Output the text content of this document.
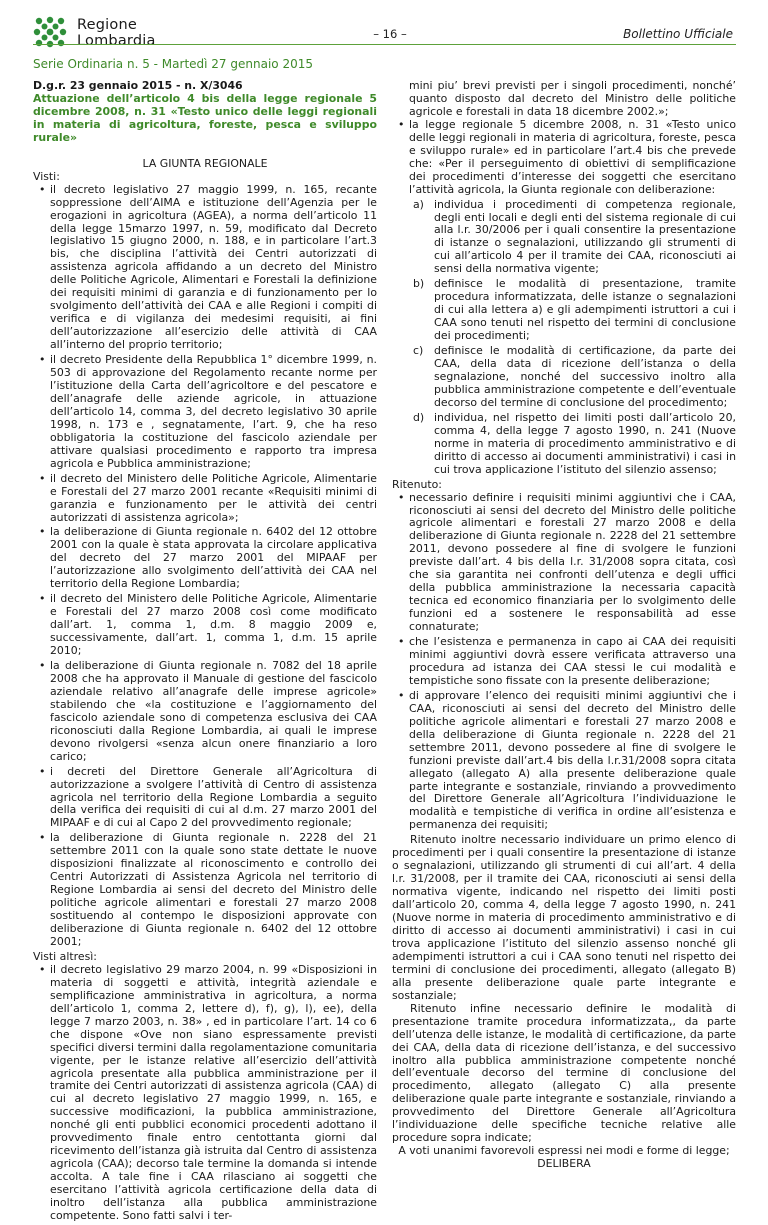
Regione
Lombardia	– 16 –	Bollettino Ufficiale
Serie Ordinaria n. 5 - Martedì 27 gennaio 2015

D.g.r. 23 gennaio 2015 - n. X/3046

Attuazione dell’articolo 4 bis della legge regionale 5 dicembre 2008, n. 31 «Testo unico delle leggi regionali in materia di agricoltura, foreste, pesca e sviluppo rurale»

LA GIUNTA REGIONALE

Visti:

• il decreto legislativo 27 maggio 1999, n. 165, recante soppressione dell’AIMA e istituzione dell’Agenzia per le erogazioni in agricoltura (AGEA), a norma dell’articolo 11 della legge 15marzo 1997, n. 59, modificato dal Decreto legislativo 15 giugno 2000, n. 188, e in particolare l’art.3 bis, che disciplina l’attività dei Centri autorizzati di assistenza agricola affidando a un decreto del Ministro delle Politiche Agricole, Alimentari e Forestali la definizione dei requisiti minimi di garanzia e di funzionamento per lo svolgimento dell’attività dei CAA e alle Regioni i compiti di verifica e di vigilanza dei medesimi requisiti, ai fini dell’autorizzazione all’esercizio delle attività di CAA all’interno del proprio territorio;
• il decreto Presidente della Repubblica 1° dicembre 1999, n. 503 di approvazione del Regolamento recante norme per l’istituzione della Carta dell’agricoltore e del pescatore e dell’anagrafe delle aziende agricole, in attuazione dell’articolo 14, comma 3, del decreto legislativo 30 aprile 1998, n. 173 e , segnatamente, l’art. 9, che ha reso obbligatoria la costituzione del fascicolo aziendale per attivare qualsiasi procedimento e rapporto tra impresa agricola e Pubblica amministrazione;
• il decreto del Ministero delle Politiche Agricole, Alimentarie e Forestali del 27 marzo 2001 recante «Requisiti minimi di garanzia e funzionamento per le attività dei centri autorizzati di assistenza agricola»;
• la deliberazione di Giunta regionale n. 6402 del 12 ottobre 2001 con la quale è stata approvata la circolare applicativa del decreto del 27 marzo 2001 del MIPAAF per l’autorizzazione allo svolgimento dell’attività dei CAA nel territorio della Regione Lombardia;
• il decreto del Ministero delle Politiche Agricole, Alimentarie e Forestali del 27 marzo 2008 così come modificato dall’art. 1, comma 1, d.m. 8 maggio 2009 e, successivamente, dall’art. 1, comma 1, d.m. 15 aprile 2010;
• la deliberazione di Giunta regionale n. 7082 del 18 aprile 2008 che ha approvato il Manuale di gestione del fascicolo aziendale relativo all’anagrafe delle imprese agricole» stabilendo che «la costituzione e l’aggiornamento del fascicolo aziendale sono di competenza esclusiva dei CAA riconosciuti dalla Regione Lombardia, ai quali le imprese devono rivolgersi «senza alcun onere finanziario a loro carico;
• i decreti del Direttore Generale all’Agricoltura di autorizzazione a svolgere l’attività di Centro di assistenza agricola nel territorio della Regione Lombardia a seguito della verifica dei requisiti di cui al d.m. 27 marzo 2001 del MIPAAF e di cui al Capo 2 del provvedimento regionale;
• la deliberazione di Giunta regionale n. 2228 del 21 settembre 2011 con la quale sono state dettate le nuove disposizioni finalizzate al riconoscimento e controllo dei Centri Autorizzati di Assistenza Agricola nel territorio di Regione Lombardia ai sensi del decreto del Ministro delle politiche agricole alimentari e forestali 27 marzo 2008 sostituendo al contempo le disposizioni approvate con deliberazione di Giunta regionale n. 6402 del 12 ottobre 2001;

Visti altresì:

• il decreto legislativo 29 marzo 2004, n. 99 «Disposizioni in materia di soggetti e attività, integrità aziendale e semplificazione amministrativa in agricoltura, a norma dell’articolo 1, comma 2, lettere d), f), g), l), ee), della legge 7 marzo 2003, n. 38» , ed in particolare l’art. 14 co 6 che dispone «Ove non siano espressamente previsti specifici diversi termini dalla regolamentazione comunitaria vigente, per le istanze relative all’esercizio dell’attività agricola presentate alla pubblica amministrazione per il tramite dei Centri autorizzati di assistenza agricola (CAA) di cui al decreto legislativo 27 maggio 1999, n. 165, e successive modificazioni, la pubblica amministrazione, nonché gli enti pubblici economici procedenti adottano il provvedimento finale entro centottanta giorni dal ricevimento dell’istanza già istruita dal Centro di assistenza agricola (CAA); decorso tale termine la domanda si intende accolta. A tale fine i CAA rilasciano ai soggetti che esercitano l’attività agricola certificazione della data di inoltro dell’istanza alla pubblica amministrazione competente. Sono fatti salvi i ter-

mini piu’ brevi previsti per i singoli procedimenti, nonché’ quanto disposto dal decreto del Ministro delle politiche agricole e forestali in data 18 dicembre 2002.»;

• la legge regionale 5 dicembre 2008, n. 31 «Testo unico delle leggi regionali in materia di agricoltura, foreste, pesca e sviluppo rurale» ed in particolare l’art.4 bis che prevede che: «Per il perseguimento di obiettivi di semplificazione dei procedimenti d’interesse dei soggetti che esercitano l’attività agricola, la Giunta regionale con deliberazione:
a) individua i procedimenti di competenza regionale, degli enti locali e degli enti del sistema regionale di cui alla l.r. 30/2006 per i quali consentire la presentazione di istanze o segnalazioni, utilizzando gli strumenti di cui all’articolo 4 per il tramite dei CAA, riconosciuti ai sensi della normativa vigente;
b) definisce le modalità di presentazione, tramite procedura informatizzata, delle istanze o segnalazioni di cui alla lettera a) e gli adempimenti istruttori a cui i CAA sono tenuti nel rispetto dei termini di conclusione dei procedimenti;
c) definisce le modalità di certificazione, da parte dei CAA, della data di ricezione dell’istanza o della segnalazione, nonché del successivo inoltro alla pubblica amministrazione competente e dell’eventuale decorso del termine di conclusione del procedimento;
d) individua, nel rispetto dei limiti posti dall’articolo 20, comma 4, della legge 7 agosto 1990, n. 241 (Nuove norme in materia di procedimento amministrativo e di diritto di accesso ai documenti amministrativi) i casi in cui trova applicazione l’istituto del silenzio assenso;

Ritenuto:

• necessario definire i requisiti minimi aggiuntivi che i CAA, riconosciuti ai sensi del decreto del Ministro delle politiche agricole alimentari e forestali 27 marzo 2008 e della deliberazione di Giunta regionale n. 2228 del 21 settembre 2011, devono possedere al fine di svolgere le funzioni previste dall’art. 4 bis della l.r. 31/2008 sopra citata, così che sia garantita nei confronti dell’utenza e degli uffici della pubblica amministrazione la necessaria capacità tecnica ed economico finanziaria per lo svolgimento delle funzioni ed a sostenere le responsabilità ad esse connaturate;
• che l’esistenza e permanenza in capo ai CAA dei requisiti minimi aggiuntivi dovrà essere verificata attraverso una procedura ad istanza dei CAA stessi le cui modalità e tempistiche sono fissate con la presente deliberazione;
• di approvare l’elenco dei requisiti minimi aggiuntivi che i CAA, riconosciuti ai sensi del decreto del Ministro delle politiche agricole alimentari e forestali 27 marzo 2008 e della deliberazione di Giunta regionale n. 2228 del 21 settembre 2011, devono possedere al fine di svolgere le funzioni previste dall’art.4 bis della l.r.31/2008 sopra citata allegato (allegato A) alla presente deliberazione quale parte integrante e sostanziale, rinviando a provvedimento del Direttore Generale all’Agricoltura l’individuazione le modalità e tempistiche di verifica in ordine all’esistenza e permanenza dei requisiti;

Ritenuto inoltre necessario individuare un primo elenco di procedimenti per i quali consentire la presentazione di istanze o segnalazioni, utilizzando gli strumenti di cui all’art. 4 della l.r. 31/2008, per il tramite dei CAA, riconosciuti ai sensi della normativa vigente, indicando nel rispetto dei limiti posti dall’articolo 20, comma 4, della legge 7 agosto 1990, n. 241 (Nuove norme in materia di procedimento amministrativo e di diritto di accesso ai documenti amministrativi) i casi in cui trova applicazione l’istituto del silenzio assenso nonché gli adempimenti istruttori a cui i CAA sono tenuti nel rispetto dei termini di conclusione dei procedimenti, allegato (allegato B) alla presente deliberazione quale parte integrante e sostanziale;

Ritenuto infine necessario definire le modalità di presentazione tramite procedura informatizzata,, da parte dell’utenza delle istanze, le modalità di certificazione, da parte dei CAA, della data di ricezione dell’istanza, e del successivo inoltro alla pubblica amministrazione competente nonché dell’eventuale decorso del termine di conclusione del procedimento, allegato (allegato C) alla presente deliberazione quale parte integrante e sostanziale, rinviando a provvedimento del Direttore Generale all’Agricoltura l’individuazione delle specifiche tecniche relative alle procedure sopra indicate;

A voti unanimi favorevoli espressi nei modi e forme di legge;

DELIBERA
